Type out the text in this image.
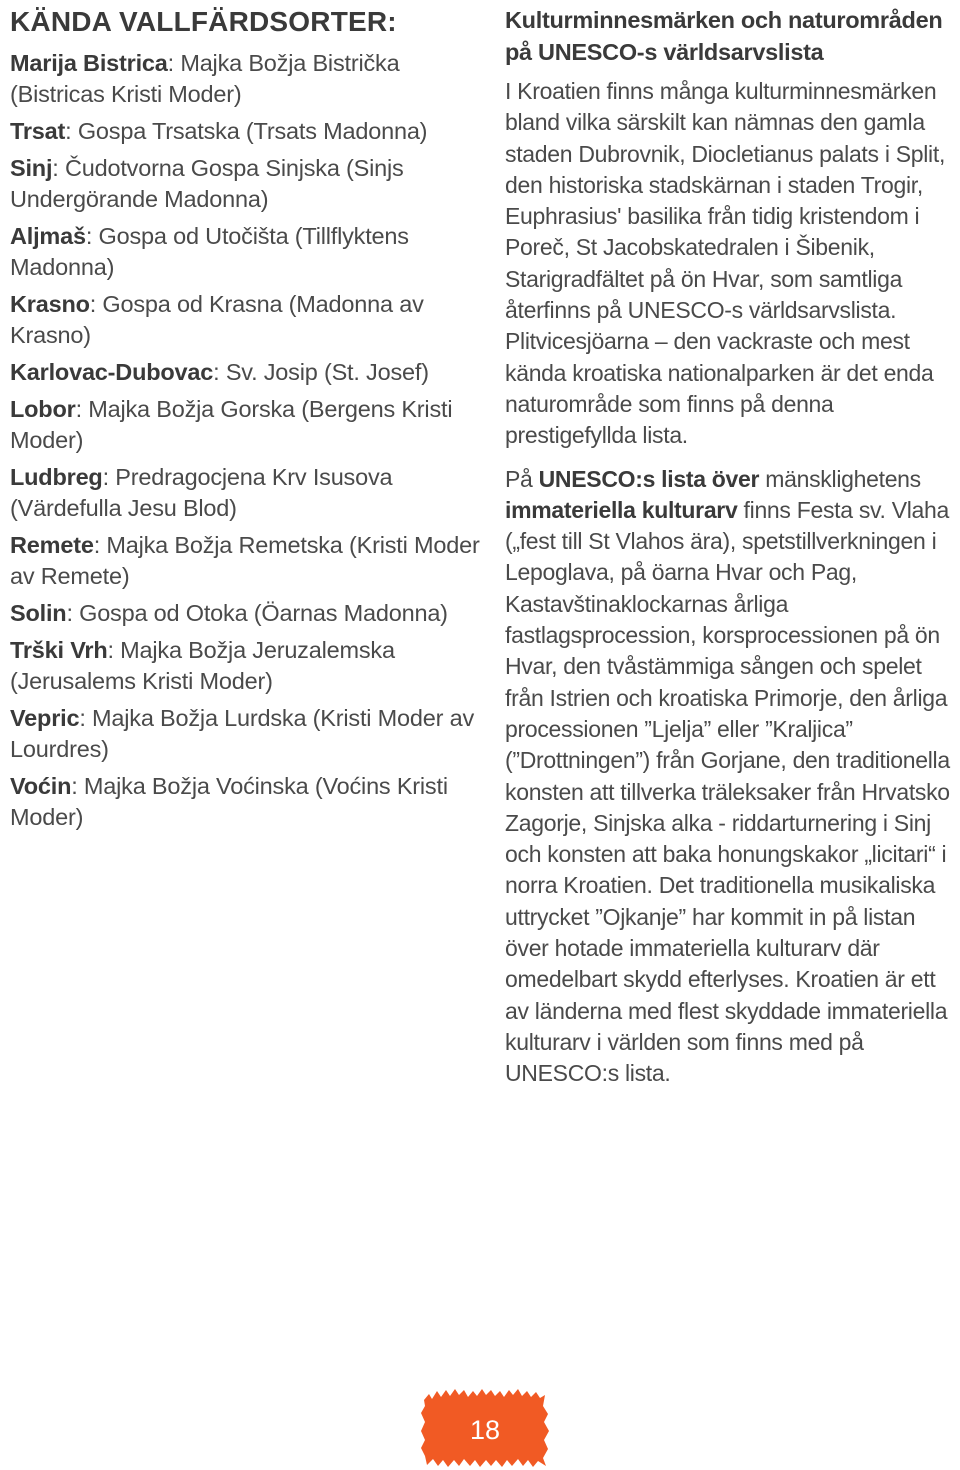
KÄNDA VALLFÄRDSORTER:
Marija Bistrica: Majka Božja Bistrička (Bistricas Kristi Moder)
Trsat: Gospa Trsatska (Trsats Madonna)
Sinj: Čudotvorna Gospa Sinjska (Sinjs Undergörande Madonna)
Aljmaš: Gospa od Utočišta (Tillflyktens Madonna)
Krasno: Gospa od Krasna (Madonna av Krasno)
Karlovac-Dubovac: Sv. Josip (St. Josef)
Lobor: Majka Božja Gorska (Bergens Kristi Moder)
Ludbreg: Predragocjena Krv Isusova (Värdefulla Jesu Blod)
Remete: Majka Božja Remetska (Kristi Moder av Remete)
Solin: Gospa od Otoka (Öarnas Madonna)
Trški Vrh: Majka Božja Jeruzalemska (Jerusalems Kristi Moder)
Vepric: Majka Božja Lurdska (Kristi Moder av Lourdres)
Voćin: Majka Božja Voćinska (Voćins Kristi Moder)
Kulturminnesmärken och naturområden på UNESCO-s världsarvslista

I Kroatien finns många kulturminnesmärken bland vilka särskilt kan nämnas den gamla staden Dubrovnik, Diocletianus palats i Split, den historiska stadskärnan i staden Trogir, Euphrasius' basilika från tidig kristendom i Poreč, St Jacobskatedralen i Šibenik, Starigradfältet på ön Hvar, som samtliga återfinns på UNESCO-s världsarvslista. Plitvicesjöarna – den vackraste och mest kända kroatiska nationalparken är det enda naturområde som finns på denna prestigefyllda lista.

På UNESCO:s lista över mänsklighetens immateriella kulturarv finns Festa sv. Vlaha („fest till St Vlahos ära), spetstillverkningen i Lepoglava, på öarna Hvar och Pag, Kastavštinaklockarnas årliga fastlagsprocession, korsprocessionen på ön Hvar, den tvåstämmiga sången och spelet från Istrien och kroatiska Primorje, den årliga processionen ”Ljelja” eller ”Kraljica” (”Drottningen”) från Gorjane, den traditionella konsten att tillverka träleksaker från Hrvatsko Zagorje, Sinjska alka - riddarturnering i Sinj och konsten att baka honungskakor „licitari“ i norra Kroatien. Det traditionella musikaliska uttrycket ”Ojkanje” har kommit in på listan över hotade immateriella kulturarv där omedelbart skydd efterlyses. Kroatien är ett av länderna med flest skyddade immateriella kulturarv i världen som finns med på UNESCO:s lista.

18
